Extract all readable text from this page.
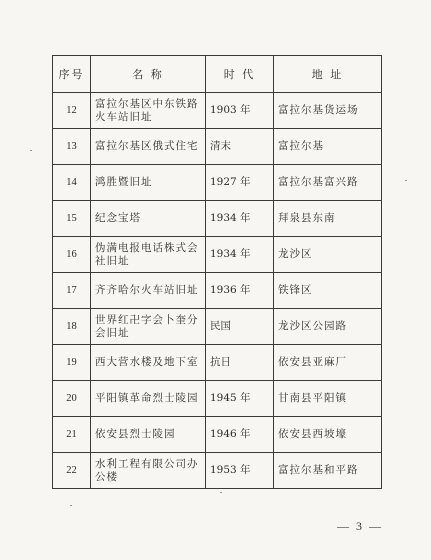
序号	名 称	时 代	地 址
12	富拉尔基区中东铁路火车站旧址	1903 年	富拉尔基货运场
13	富拉尔基区俄式住宅	清末	富拉尔基
14	鸿胜暨旧址	1927 年	富拉尔基富兴路
15	纪念宝塔	1934 年	拜泉县东南
16	伪满电报电话株式会社旧址	1934 年	龙沙区
17	齐齐哈尔火车站旧址	1936 年	铁锋区
18	世界红卍字会卜奎分会旧址	民国	龙沙区公园路
19	西大营水楼及地下室	抗日	依安县亚麻厂
20	平阳镇革命烈士陵园	1945 年	甘南县平阳镇
21	依安县烈士陵园	1946 年	依安县西坡壕
22	水利工程有限公司办公楼	1953 年	富拉尔基和平路
— 3 —
